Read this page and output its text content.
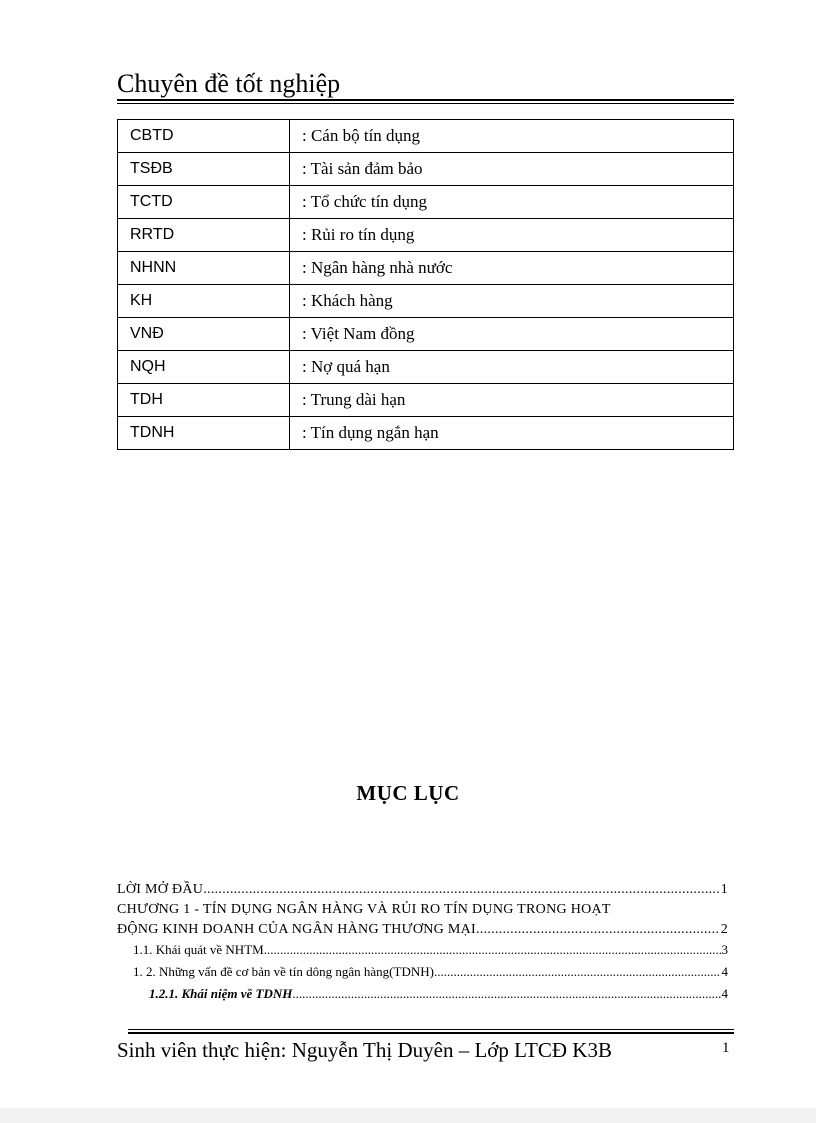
Chuyên đề tốt nghiệp
CBTD	: Cán bộ tín dụng
TSĐB	: Tài sản đảm bảo
TCTD	: Tổ chức tín dụng
RRTD	: Rủi ro tín dụng
NHNN	: Ngân hàng nhà nước
KH	: Khách hàng
VNĐ	: Việt Nam đồng
NQH	: Nợ quá hạn
TDH	: Trung dài hạn
TDNH	: Tín dụng ngắn hạn
MỤC LỤC
LỜI MỞ ĐẦU .....	1
CHƯƠNG 1 - TÍN DỤNG NGÂN HÀNG VÀ RỦI RO TÍN DỤNG TRONG HOẠT
ĐỘNG KINH DOANH CỦA NGÂN HÀNG THƯƠNG MẠI .....	2
1.1. Khái quát về NHTM .....	3
1. 2. Những vấn đề cơ bản về tín dông ngân hàng(TDNH) .....	4
1.2.1. Khái niệm về TDNH .....	4
Sinh viên thực hiện: Nguyễn Thị Duyên – Lớp LTCĐ K3B	1
